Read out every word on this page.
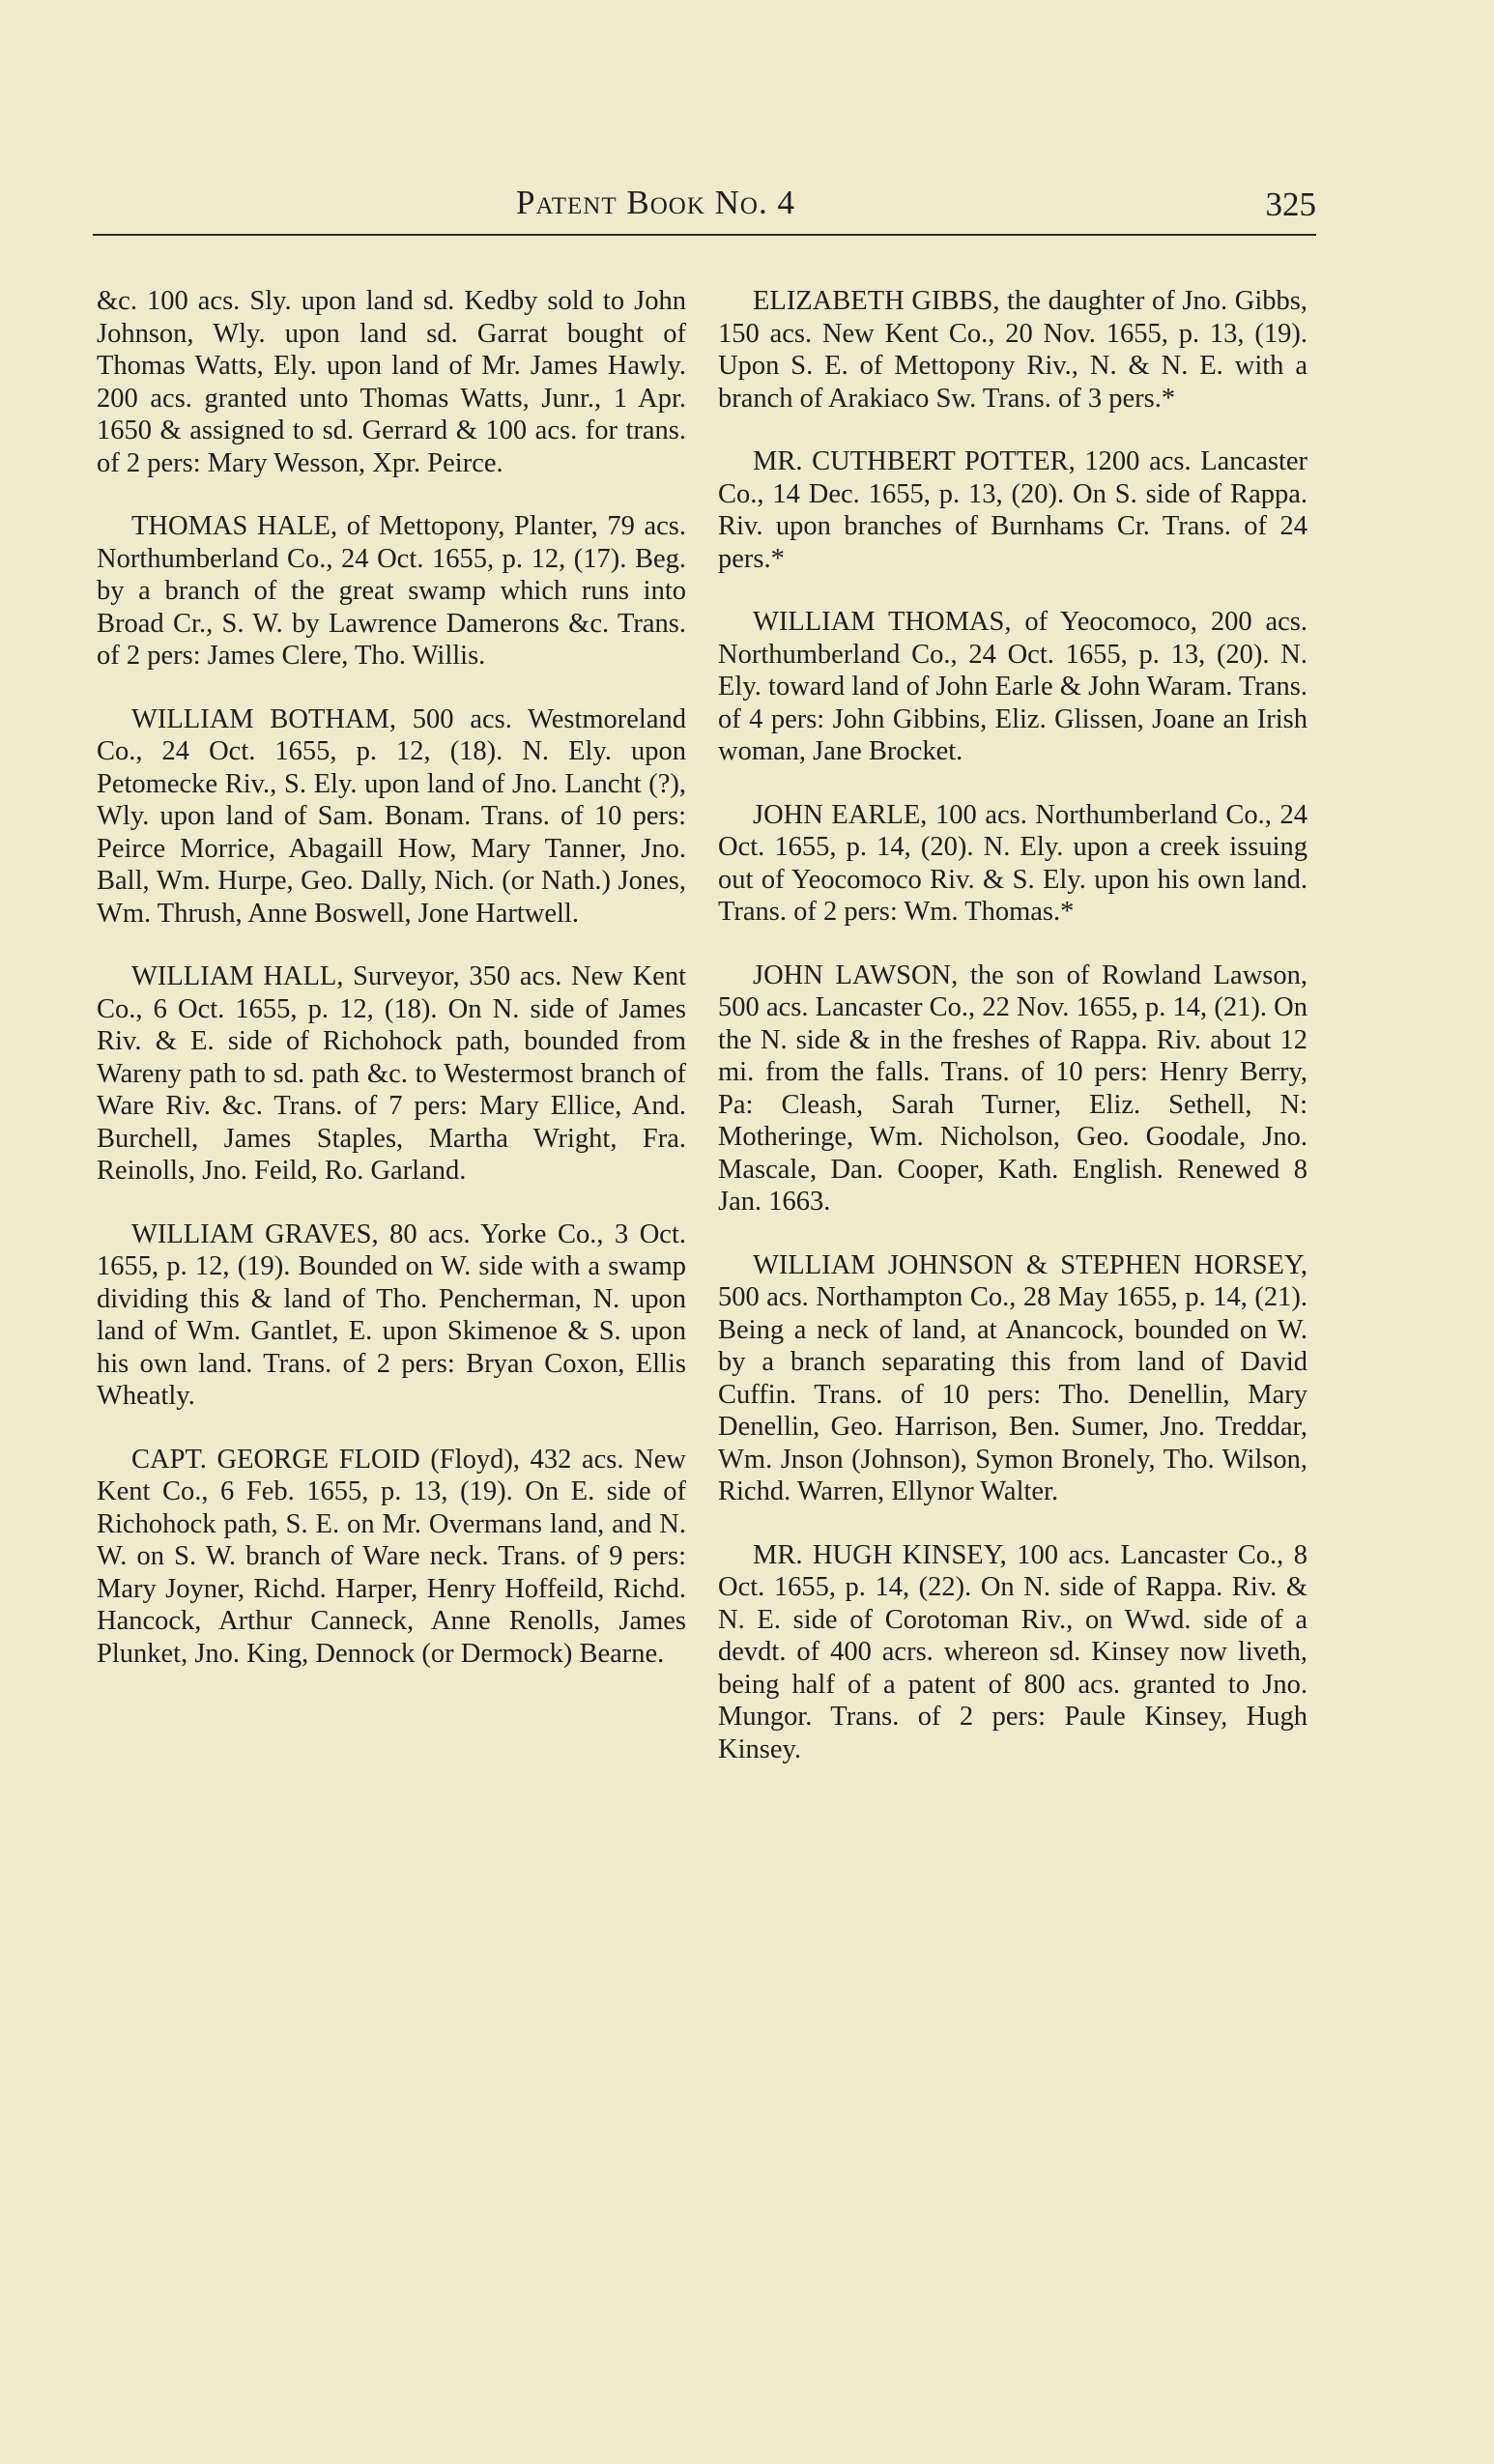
Patent Book No. 4	325

&c. 100 acs. Sly. upon land sd. Kedby sold to John Johnson, Wly. upon land sd. Garrat bought of Thomas Watts, Ely. upon land of Mr. James Hawly. 200 acs. granted unto Thomas Watts, Junr., 1 Apr. 1650 & assigned to sd. Gerrard & 100 acs. for trans. of 2 pers: Mary Wesson, Xpr. Peirce.

THOMAS HALE, of Mettopony, Planter, 79 acs. Northumberland Co., 24 Oct. 1655, p. 12, (17). Beg. by a branch of the great swamp which runs into Broad Cr., S. W. by Lawrence Damerons &c. Trans. of 2 pers: James Clere, Tho. Willis.

WILLIAM BOTHAM, 500 acs. Westmoreland Co., 24 Oct. 1655, p. 12, (18). N. Ely. upon Petomecke Riv., S. Ely. upon land of Jno. Lancht (?), Wly. upon land of Sam. Bonam. Trans. of 10 pers: Peirce Morrice, Abagaill How, Mary Tanner, Jno. Ball, Wm. Hurpe, Geo. Dally, Nich. (or Nath.) Jones, Wm. Thrush, Anne Boswell, Jone Hartwell.

WILLIAM HALL, Surveyor, 350 acs. New Kent Co., 6 Oct. 1655, p. 12, (18). On N. side of James Riv. & E. side of Richohock path, bounded from Wareny path to sd. path &c. to Westermost branch of Ware Riv. &c. Trans. of 7 pers: Mary Ellice, And. Burchell, James Staples, Martha Wright, Fra. Reinolls, Jno. Feild, Ro. Garland.

WILLIAM GRAVES, 80 acs. Yorke Co., 3 Oct. 1655, p. 12, (19). Bounded on W. side with a swamp dividing this & land of Tho. Pencherman, N. upon land of Wm. Gantlet, E. upon Skimenoe & S. upon his own land. Trans. of 2 pers: Bryan Coxon, Ellis Wheatly.

CAPT. GEORGE FLOID (Floyd), 432 acs. New Kent Co., 6 Feb. 1655, p. 13, (19). On E. side of Richohock path, S. E. on Mr. Overmans land, and N. W. on S. W. branch of Ware neck. Trans. of 9 pers: Mary Joyner, Richd. Harper, Henry Hoffeild, Richd. Hancock, Arthur Canneck, Anne Renolls, James Plunket, Jno. King, Dennock (or Dermock) Bearne.

ELIZABETH GIBBS, the daughter of Jno. Gibbs, 150 acs. New Kent Co., 20 Nov. 1655, p. 13, (19). Upon S. E. of Mettopony Riv., N. & N. E. with a branch of Arakiaco Sw. Trans. of 3 pers.*

MR. CUTHBERT POTTER, 1200 acs. Lancaster Co., 14 Dec. 1655, p. 13, (20). On S. side of Rappa. Riv. upon branches of Burnhams Cr. Trans. of 24 pers.*

WILLIAM THOMAS, of Yeocomoco, 200 acs. Northumberland Co., 24 Oct. 1655, p. 13, (20). N. Ely. toward land of John Earle & John Waram. Trans. of 4 pers: John Gibbins, Eliz. Glissen, Joane an Irish woman, Jane Brocket.

JOHN EARLE, 100 acs. Northumberland Co., 24 Oct. 1655, p. 14, (20). N. Ely. upon a creek issuing out of Yeocomoco Riv. & S. Ely. upon his own land. Trans. of 2 pers: Wm. Thomas.*

JOHN LAWSON, the son of Rowland Lawson, 500 acs. Lancaster Co., 22 Nov. 1655, p. 14, (21). On the N. side & in the freshes of Rappa. Riv. about 12 mi. from the falls. Trans. of 10 pers: Henry Berry, Pa: Cleash, Sarah Turner, Eliz. Sethell, N: Motheringe, Wm. Nicholson, Geo. Goodale, Jno. Mascale, Dan. Cooper, Kath. English. Renewed 8 Jan. 1663.

WILLIAM JOHNSON & STEPHEN HORSEY, 500 acs. Northampton Co., 28 May 1655, p. 14, (21). Being a neck of land, at Anancock, bounded on W. by a branch separating this from land of David Cuffin. Trans. of 10 pers: Tho. Denellin, Mary Denellin, Geo. Harrison, Ben. Sumer, Jno. Treddar, Wm. Jnson (Johnson), Symon Bronely, Tho. Wilson, Richd. Warren, Ellynor Walter.

MR. HUGH KINSEY, 100 acs. Lancaster Co., 8 Oct. 1655, p. 14, (22). On N. side of Rappa. Riv. & N. E. side of Corotoman Riv., on Wwd. side of a devdt. of 400 acrs. whereon sd. Kinsey now liveth, being half of a patent of 800 acs. granted to Jno. Mungor. Trans. of 2 pers: Paule Kinsey, Hugh Kinsey.
